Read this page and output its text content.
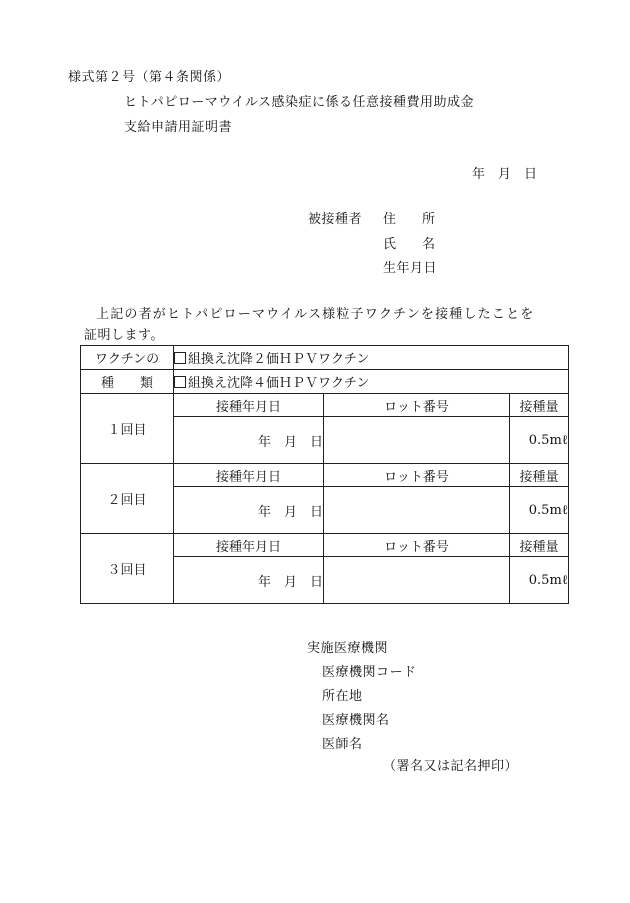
様式第２号（第４条関係）
ヒトパピローマウイルス感染症に係る任意接種費用助成金
支給申請用証明書
年　月　日
被接種者 住　　所
氏　　名
生年月日
上記の者がヒトパピローマウイルス様粒子ワクチンを接種したことを
証明します。
ワクチンの	組換え沈降２価ＨＰＶワクチン		
種　　類	組換え沈降４価ＨＰＶワクチン		
１回目	接種年月日	ロット番号	接種量
	年　月　日		0.5mℓ
２回目	接種年月日	ロット番号	接種量
	年　月　日		0.5mℓ
３回目	接種年月日	ロット番号	接種量
	年　月　日		0.5mℓ
実施医療機関
医療機関コード
所在地
医療機関名
医師名
（署名又は記名押印）
